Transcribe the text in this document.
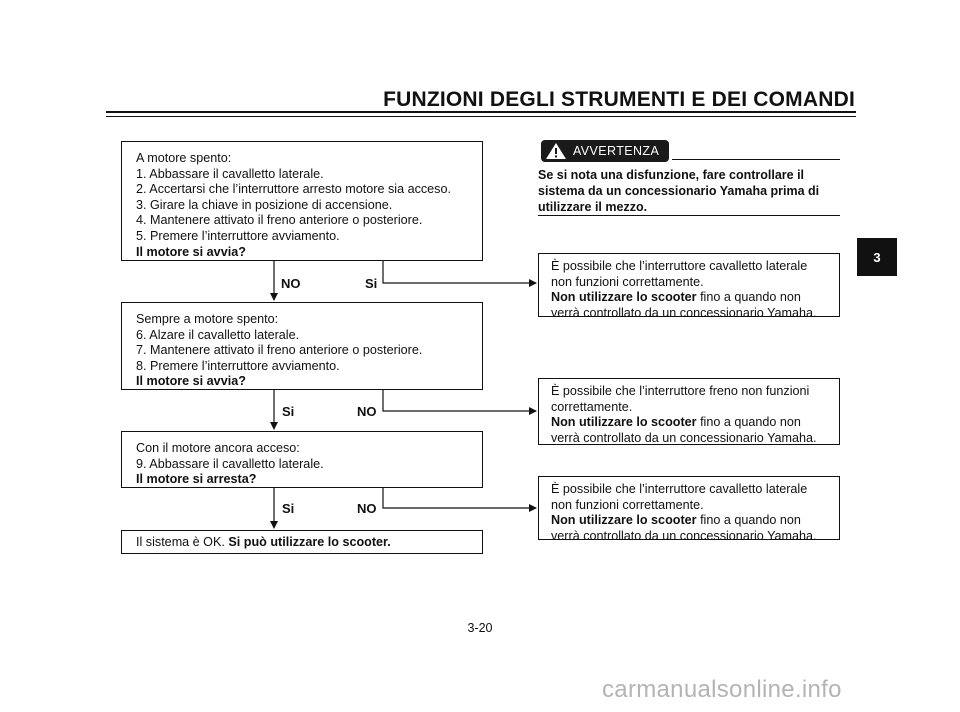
FUNZIONI DEGLI STRUMENTI E DEI COMANDI
A motore spento:
1. Abbassare il cavalletto laterale.
2. Accertarsi che l’interruttore arresto motore sia acceso.
3. Girare la chiave in posizione di accensione.
4. Mantenere attivato il freno anteriore o posteriore.
5. Premere l’interruttore avviamento.
Il motore si avvia?
NO	Si
Sempre a motore spento:
6. Alzare il cavalletto laterale.
7. Mantenere attivato il freno anteriore o posteriore.
8. Premere l’interruttore avviamento.
Il motore si avvia?
Si	NO
Con il motore ancora acceso:
9. Abbassare il cavalletto laterale.
Il motore si arresta?
Si	NO
Il sistema è OK. Si può utilizzare lo scooter.
AVVERTENZA
Se si nota una disfunzione, fare controllare il
sistema da un concessionario Yamaha prima di
utilizzare il mezzo.
È possibile che l’interruttore cavalletto laterale
non funzioni correttamente.
Non utilizzare lo scooter fino a quando non
verrà controllato da un concessionario Yamaha.
È possibile che l’interruttore freno non funzioni
correttamente.
Non utilizzare lo scooter fino a quando non
verrà controllato da un concessionario Yamaha.
È possibile che l’interruttore cavalletto laterale
non funzioni correttamente.
Non utilizzare lo scooter fino a quando non
verrà controllato da un concessionario Yamaha.
3
3-20
carmanualsonline.info
